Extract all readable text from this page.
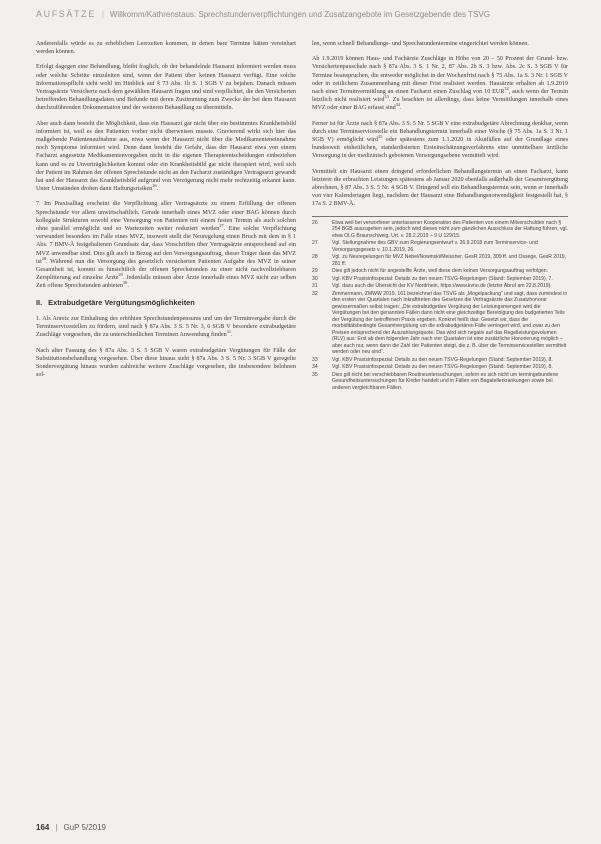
AUFSÄTZE | Willkomm/Kathrenstaus: Sprechstundenverpflichtungen und Zusatzangebote im Gesetzgebende des TSVG

Anderenfalls würde es zu erheblichen Leerzeiten kommen, in denen bare Termine hätten vereinbart werden können.

Erfolgt dagegen eine Behandlung, bleibt fraglich, ob der behandelnde Hausarzt informiert werden muss oder welche Schritte einzuleiten sind, wenn der Patient über keinen Hausarzt verfügt. Eine solche Informationspflicht sieht wohl im Hinblick auf § 73 Abs. 1b S. 1 SGB V zu bejahen. Danach müssen Vertragsärzte Versicherte nach dem gewählten Hausarzt fragen und sind verpflichtet, die den Versicherten betreffenden Behandlungsdaten und Befunde mit deren Zustimmung zum Zwecke der bei dem Hausarzt durchzuführenden Dokumentation und der weiteren Behandlung zu übermitteln.

Aber auch dann besteht die Möglichkeit, dass ein Hausarzt gar nicht über ein bestimmtes Krankheitsbild informiert ist, weil es den Patienten vorher nicht überweisen musste. Gravierend wirkt sich hier das maßgebende Patientenaufnahme aus, etwa wenn der Hausarzt nicht über die Medikamenteneinnahme noch Symptome informiert wird. Denn dann besteht die Gefahr, dass der Hausarzt etwa von einem Facharzt angesetzte Medikamentenvorgaben nicht in die eigenen Therapieentscheidungen einbeziehen kann und es zu Unverträglichkeiten kommt oder ein Krankheitsbild gar nicht therapiert wird, weil sich der Patient im Rahmen der offenen Sprechstunde nicht an den Facharzt zuständigen Vertragsarzt gewandt hat und der Hausarzt das Krankheitsbild aufgrund von Verzögerung nicht mehr rechtzeitig erkannt kann. Unter Umständen drohen dann Haftungsrisiken$^{26}$.

7. Im Praxisalltag erscheint die Verpflichtung aller Vertragsärzte zu einem Erfüllung der offenen Sprechstunde vor allem unwirtschaftlich. Gerade innerhalb eines MVZ oder einer BAG können durch kollegiale Strukturen sowohl eine Versorgung von Patienten mit einem festen Termin als auch solchen ohne parallel ermöglicht und so Wartezeiten weiter reduziert werden$^{27}$. Eine solche Verpflichtung verwundert besonders im Falle eines MVZ, insoweit stellt die Neuregelung einen Bruch mit dem in § 1 Abs. 7 BMV-Ä festgehaltenen Grundsatz dar, dass Vorschriften über Vertragsärzte entsprechend auf ein MVZ anwendbar sind. Dies gilt auch in Bezug auf den Versorgungsauftrag, dieser Träger dann das MVZ ist$^{28}$. Während nun die Versorgung des gesetzlich versicherten Patienten Aufgabe des MVZ in seiner Gesamtheit ist, kommt es hinsichtlich der offenen Sprechstunden zu einer nicht nachvollziehbaren Zersplitterung auf einzelne Ärzte$^{29}$. Jedenfalls müssen aber Ärzte innerhalb eines MVZ nicht zur selben Zeit offene Sprechstunden anbieten$^{30}$.

II. Extrabudgetäre Vergütungsmöglichkeiten

1. Als Anreiz zur Einhaltung des erhöhten Sprechstundenpensums und um der Terminvergabe durch die Terminservicestellen zu fördern, sind nach § 87a Abs. 3 S. 5 Nr. 3, 6 SGB V besondere extrabudgetäre Zuschläge vorgesehen, die zu unterschiedlichen Terminen Anwendung finden$^{31}$.

Nach alter Fassung des § 87a Abs. 3 S. 5 SGB V waren extrabudgetäre Vergütungen für Fälle der Substitutionsbehandlung vorgesehen. Über diese hinaus sieht § 87a Abs. 3 S. 5 Nr. 3 SGB V geregelte Sondervergütung hinaus wurden zahlreiche weitere Zuschläge vorgesehen, die insbesondere belohnen sol-

len, wenn schnell Behandlungs- und Sprechstundentermine eingerichtet werden können.

Ab 1.9.2019 können Haus- und Fachärzte Zuschläge in Höhe von 20 – 50 Prozent der Grund- bzw. Versichertenpauschale nach § 87a Abs. 3 S. 1 Nr. 2, 87 Abs. 2b S. 3 bzw. Abs. 2c S. 3 SGB V für Termine beanspruchen, die entweder möglichst in der Wochenfrist nach § 75 Abs. 1a S. 3 Nr. 1 SGB V oder in zeitlichem Zusammenhang mit dieser Frist realisiert werden. Hausärzte erhalten ab 1.9.2019 nach einer Terminvermittlung an einen Facharzt einen Zuschlag von 10 EUR$^{32}$, auch wenn der Termin letztlich nicht realisiert wird$^{33}$. Zu beachten ist allerdings, dass keine Vermittlungen innerhalb eines MVZ oder einer BAG erfasst sind$^{34}$.

Ferner ist für Ärzte nach § 87a Abs. 3 S. 5 Nr. 5 SGB V eine extrabudgetäre Abrechnung denkbar, wenn durch eine Terminservicestelle ein Behandlungstermin innerhalb einer Woche (§ 75 Abs. 1a S. 3 Nr. 1 SGB V) ermöglicht wird$^{35}$ oder spätestens zum 1.1.2020 in Akutfällen auf der Grundlage eines bundesweit einheitlichen, standardisierten Ersteinschätzungsverfahrens eine unmittelbare ärztliche Versorgung in der medizinisch gebotenen Versorgungsebene vermittelt wird.

Vermittelt ein Hausarzt einen dringend erforderlichen Behandlungstermin an einen Facharzt, kann letzterer die erbrachten Leistungen spätestens ab Januar 2020 ebenfalls außerhalb der Gesamtvergütung abrechnen, § 87 Abs. 3 S. 5 Nr. 4 SGB V. Dringend soll ein Behandlungstermin sein, wenn er innerhalb von vier Kalendertagen liegt, nachdem der Hausarzt eine Behandlungsnotwendigkeit festgestellt hat, § 17a S. 2 BMV-Ä.

26	Etwa weil bei verworfener unterlassener Kooperation des Patienten von einem Mitverschulden nach § 254 BGB auszugehen sein, jedoch wird dieses nicht zum gänzlichen Ausschluss der Haftung führen, vgl. etwa OLG Braunschweig, Urt. v. 28.2.2019 – 9 U 129/15.
27	Vgl. Stellungnahme des GBV zum Regierungsentwurf v. 26.9.2018 zum Terminservice- und Versorgungsgesetz v. 10.1.2019, 26.
28	Vgl. zu Neuregelungen für MVZ Nebel/Nowinski/Meissner, GesR 2019, 309 ff. und Ossege, GesR 2019, 281 ff.
29	Dies gilt jedoch nicht für angestellte Ärzte, weil diese dem keinen Versorgungsauftrag verfolgen.
30	Vgl. KBV Praxisinfospezial: Details zu den neuen TSVG-Regelungen (Stand: September 2019), 7.
31	Vgl. dazu auch die Übersicht der KV Nordrhein, https://www.kvno.de (letzter Abruf am 22.8.2019).
32	Zimmermann, ZMWW 2019, 161 bezeichnet das TSVG als „Mogelpackung“ und sagt, dass zumindest in den ersten vier Quartalen nach Inkrafttreten des Gesetzes die Vertragsärzte das Zusatzhonorar gewissermaßen selbst tragen: „Die extrabudgetäre Vergütung der Leistungsmengen wird die Vergütungen bei den genannten Fällen dann nicht eine gleichzeitige Bereinigung des budgetierten Teils der Vergütung der betroffenen Praxis ergeben. Konkret heißt das: Gesetzt wir, dass die morbiditätsbedingte Gesamtvergütung um die extrabudgetären Fälle verringert wird, und zwar zu den Preisen entsprechend der Auszahlungsquote. Das wird sich negativ auf das Regelleistungsvolumen (RLV) aus: Erst ab dem folgenden Jahr nach vier Quartalen ist eine zusätzliche Honorierung möglich – aber auch nur, wenn dann die Zahl der Patienten steigt, die z. B. über die Terminservicestellen vermittelt werden oder neu sind“.
33	Vgl. KBV Praxisinfospezial: Details zu den neuen TSVG-Regelungen (Stand: September 2019), 8.
34	Vgl. KBV Praxisinfospezial: Details zu den neuen TSVG-Regelungen (Stand: September 2019), 8.
35	Dies gilt nicht bei verschiebbaren Routineuntersuchungen, sofern es sich nicht um termingebundene Gesundheitsuntersuchungen für Kinder handelt und in Fällen von Bagatellerkrankungen sowie bei anderen vergleichbaren Fällen.
164 | GuP 5/2019
